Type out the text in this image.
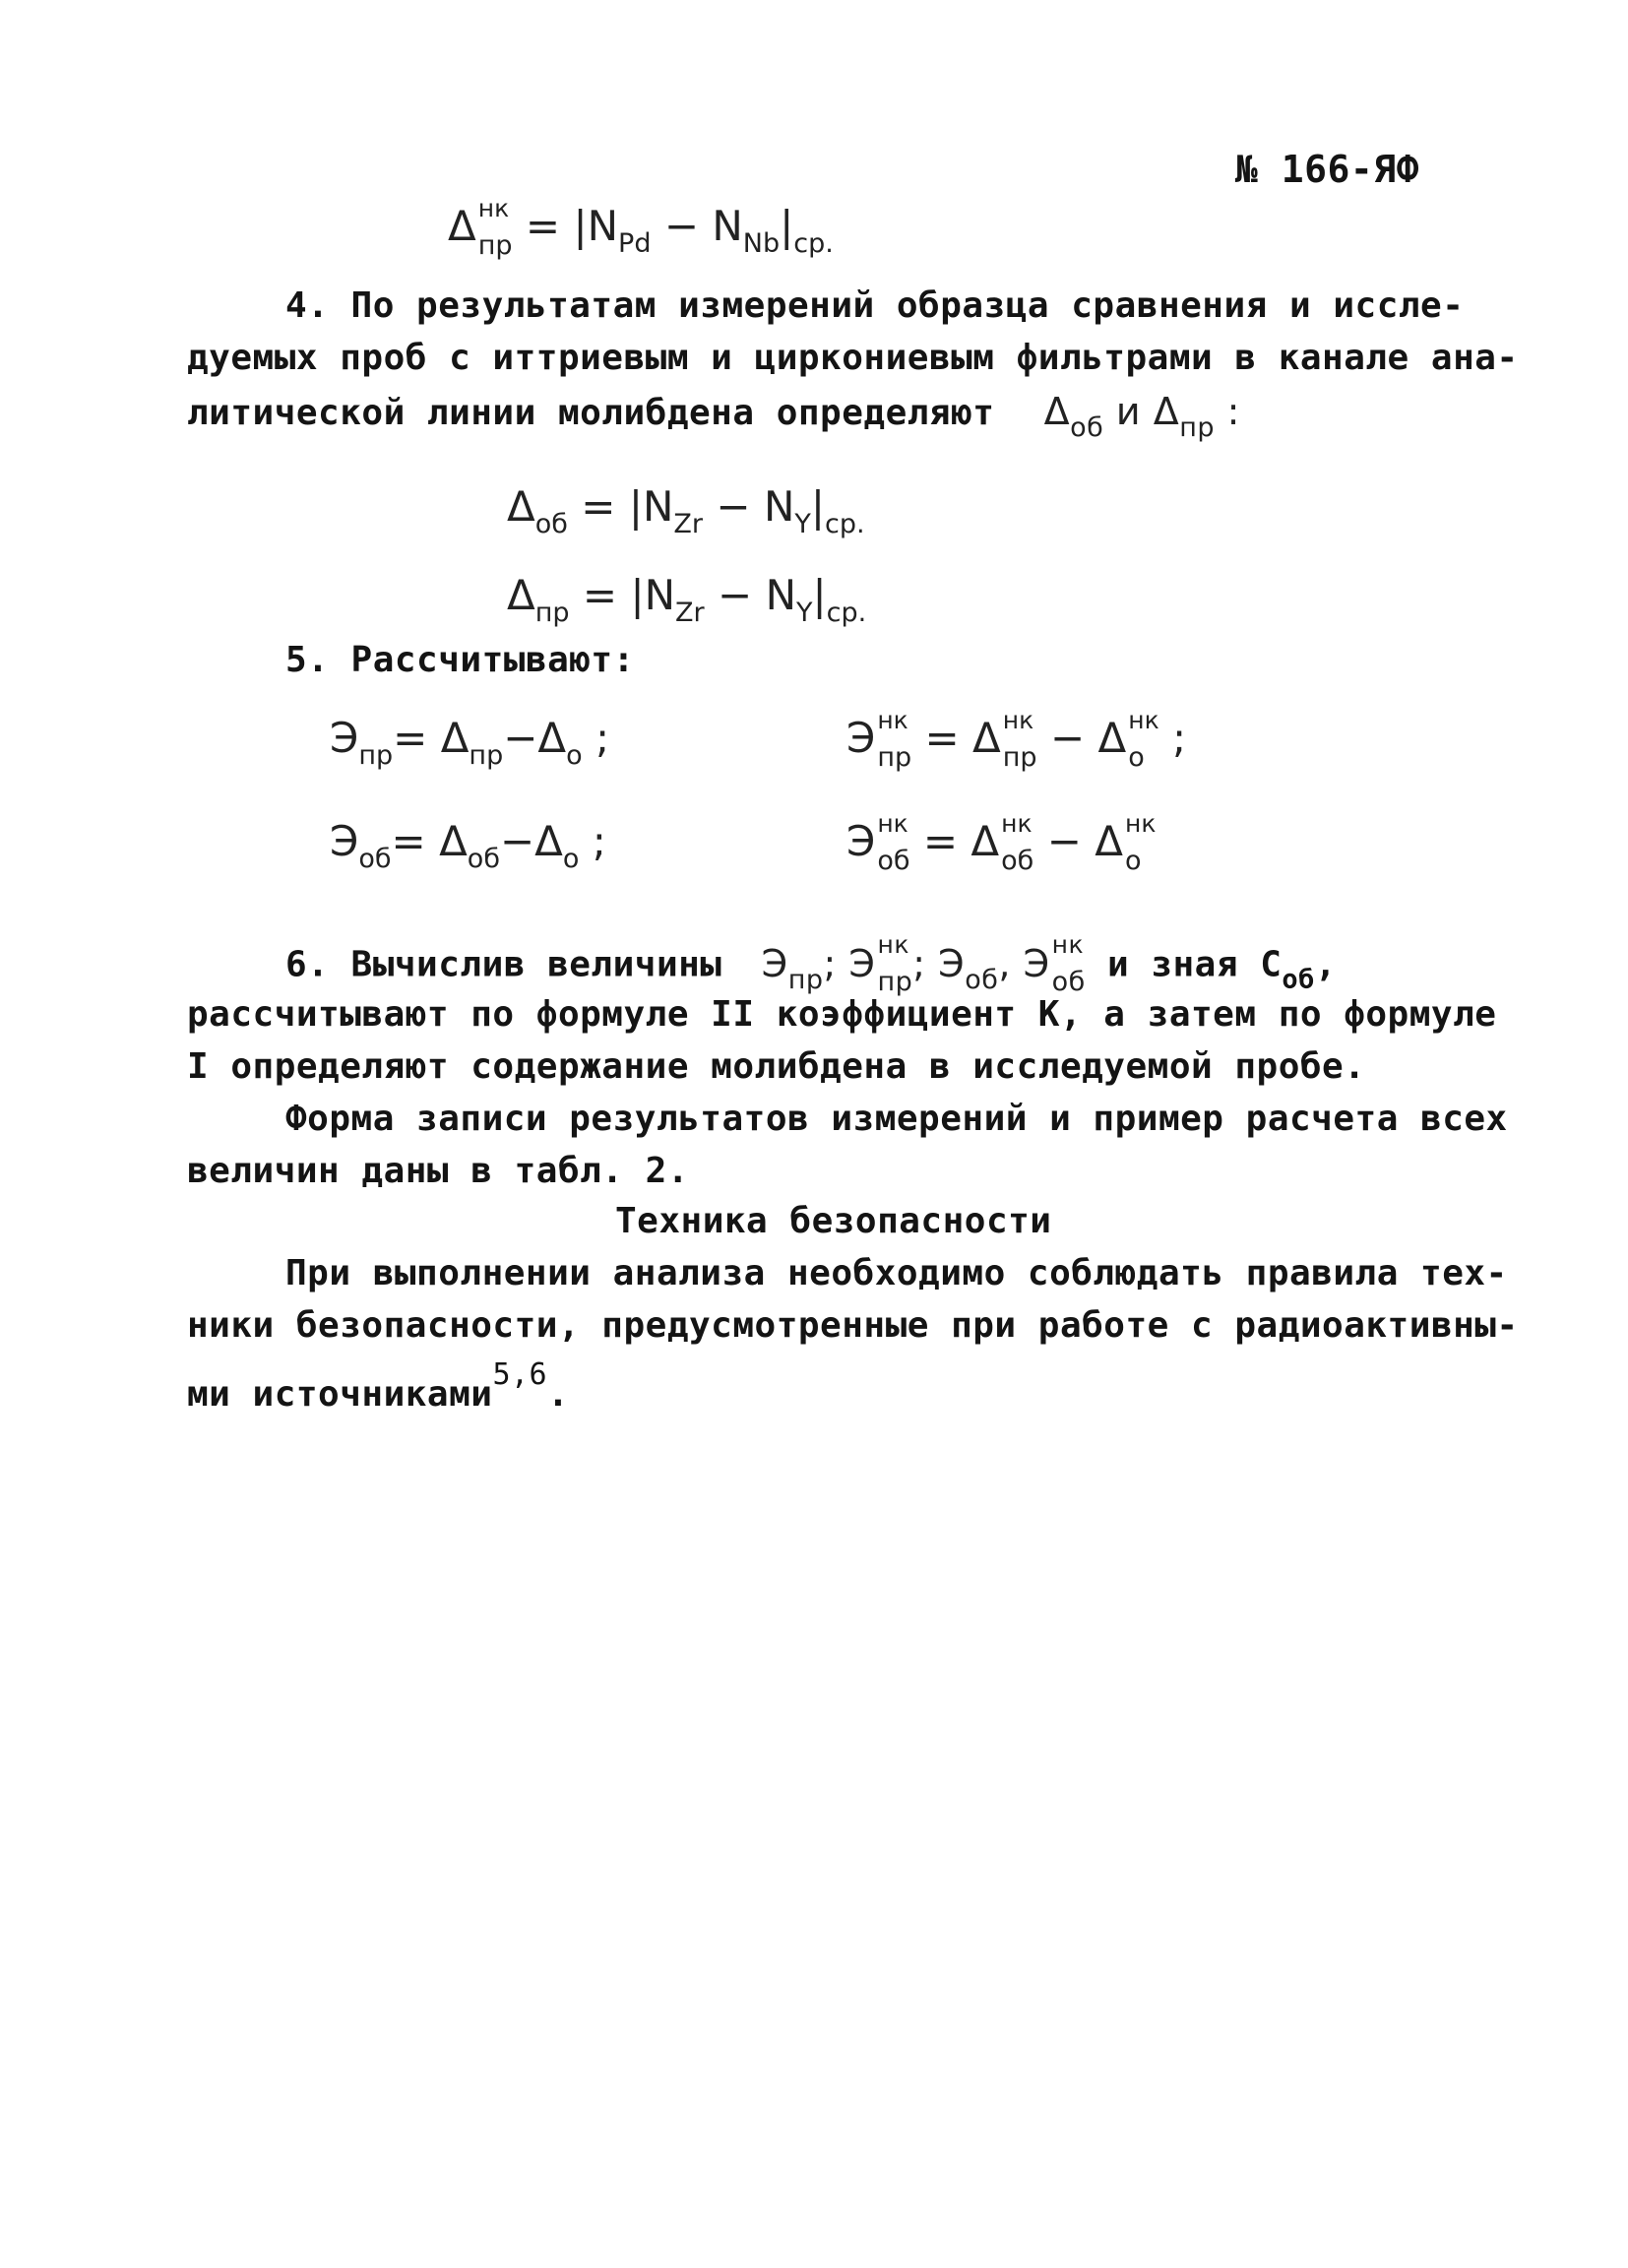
№ 166-ЯФ
Δ нк
пр = $|N_{Pd} - N_{Nb}|_{ср.}$
4. По результатам измерений образца сравнения и иссле-
дуемых проб с иттриевым и циркониевым фильтрами в канале ана-
литической линии молибдена определяют $\Delta_{об}$ и $\Delta_{пр}$ :
$\Delta_{об} = |N_{Zr} - N_Y|_{ср.}$
$\Delta_{пр} = |N_{Zr} - N_Y|_{ср.}$
5. Рассчитывают:
$Э_{пр}= \Delta_{пр}-\Delta_о$ ;	Э нк
пр = Δ нк
пр − Δ нк
о ;
$Э_{об}= \Delta_{об}-\Delta_о$ ;	Э нк
об = Δ нк
об − Δ нк
о
6. Вычислив величины $Э_{пр}$; Э нк
пр ; $Э_{об}$, Э нк
об и зная $С_{об}$,
рассчитывают по формуле II коэффициент К, а затем по формуле
I определяют содержание молибдена в исследуемой пробе.
Форма записи результатов измерений и пример расчета всех
величин даны в табл. 2.
Техника безопасности
При выполнении анализа необходимо соблюдать правила тех-
ники безопасности, предусмотренные при работе с радиоактивны-
ми источниками$^{5,6}$.
